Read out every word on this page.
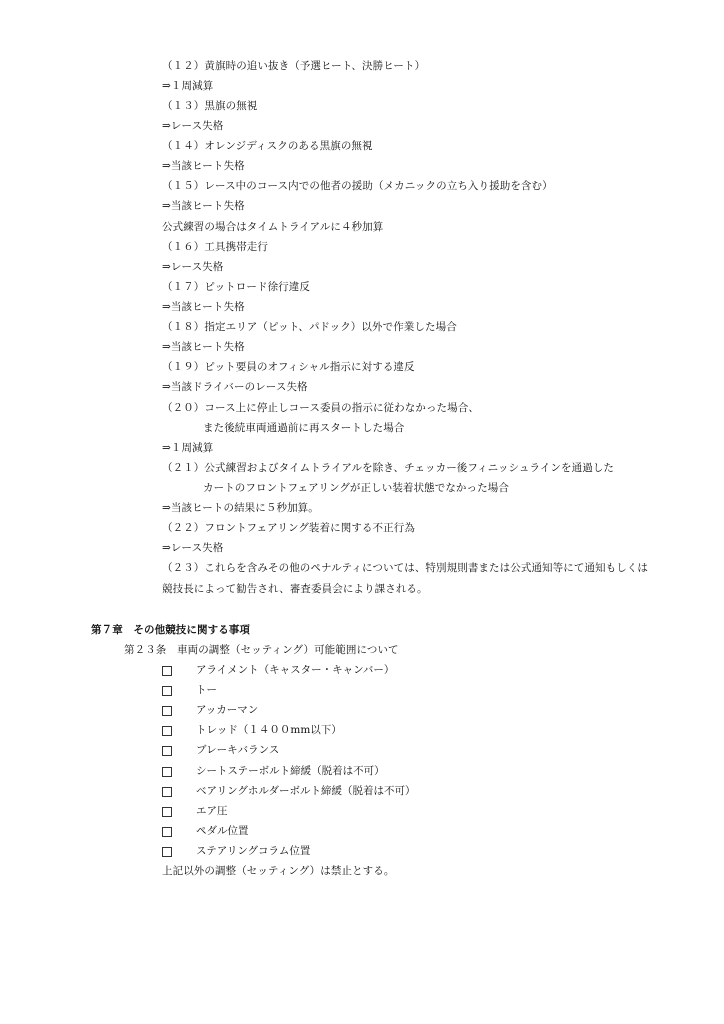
（１２）黄旗時の追い抜き（予選ヒート、決勝ヒート）
⇒１周減算
（１３）黒旗の無視
⇒レース失格
（１４）オレンジディスクのある黒旗の無視
⇒当該ヒート失格
（１５）レース中のコース内での他者の援助（メカニックの立ち入り援助を含む）
⇒当該ヒート失格
公式練習の場合はタイムトライアルに４秒加算
（１６）工具携帯走行
⇒レース失格
（１７）ピットロード徐行違反
⇒当該ヒート失格
（１８）指定エリア（ピット、パドック）以外で作業した場合
⇒当該ヒート失格
（１９）ピット要員のオフィシャル指示に対する違反
⇒当該ドライバーのレース失格
（２０）コース上に停止しコース委員の指示に従わなかった場合、
また後続車両通過前に再スタートした場合
⇒１周減算
（２１）公式練習およびタイムトライアルを除き、チェッカー後フィニッシュラインを通過した
カートのフロントフェアリングが正しい装着状態でなかった場合
⇒当該ヒートの結果に５秒加算。
（２２）フロントフェアリング装着に関する不正行為
⇒レース失格
（２３）これらを含みその他のペナルティについては、特別規則書または公式通知等にて通知もしくは
競技長によって勧告され、審査委員会により課される。
第７章　その他競技に関する事項
第２３条　車両の調整（セッティング）可能範囲について
アライメント（キャスター・キャンバー）
トー
アッカーマン
トレッド（１４００mm以下）
ブレーキバランス
シートステーボルト締緩（脱着は不可）
ベアリングホルダーボルト締緩（脱着は不可）
エア圧
ペダル位置
ステアリングコラム位置
上記以外の調整（セッティング）は禁止とする。
